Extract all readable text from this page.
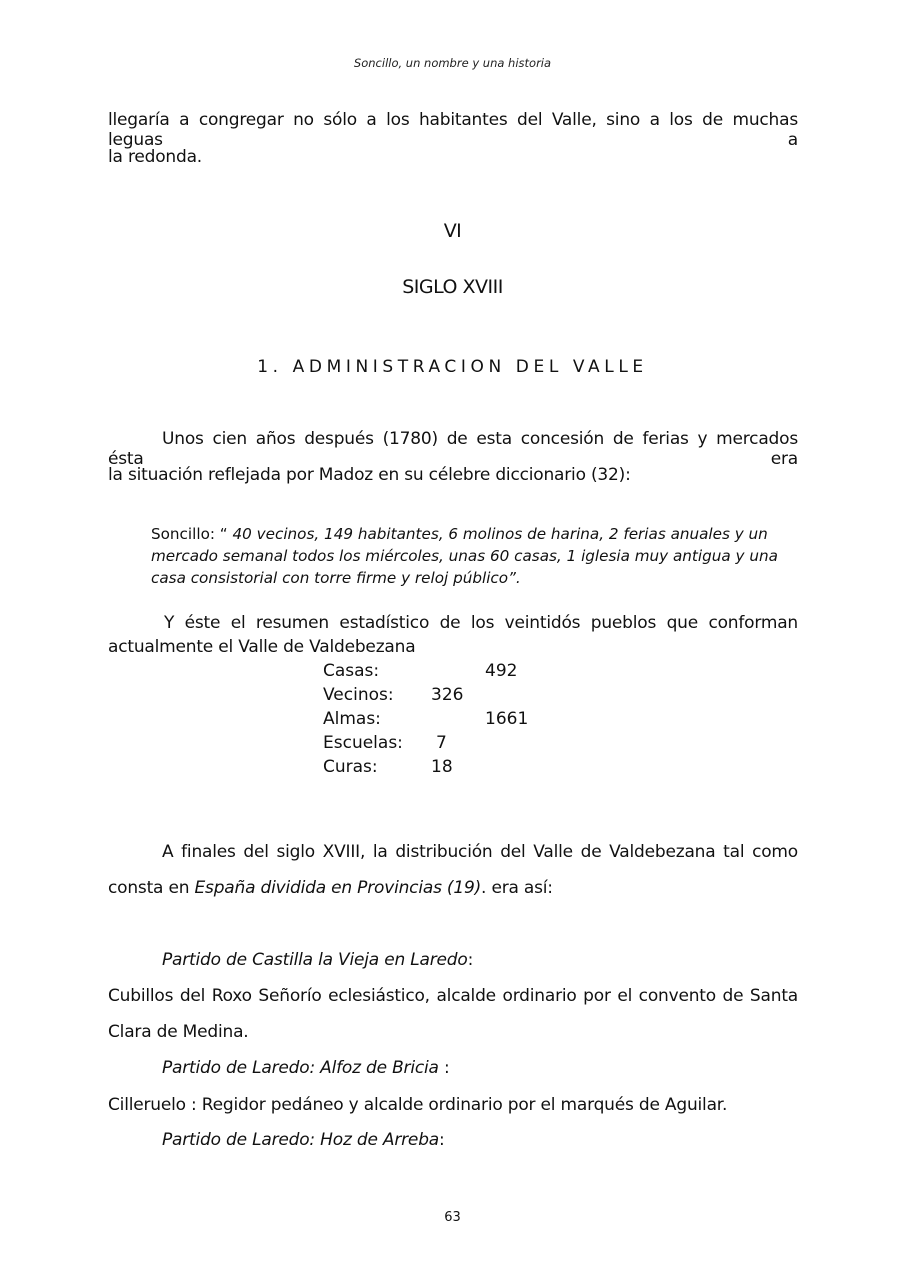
Soncillo, un nombre y una historia
llegaría a congregar no sólo a los habitantes del Valle, sino a los de muchas leguas a
la redonda.
VI
SIGLO XVIII
1. ADMINISTRACION DEL VALLE
Unos cien años después (1780) de esta concesión de ferias y mercados ésta era
la situación reflejada por Madoz en su célebre diccionario (32):
Soncillo: “ 40 vecinos, 149 habitantes, 6 molinos de harina, 2 ferias anuales y un
mercado semanal todos los miércoles, unas 60 casas, 1 iglesia muy antigua y una
casa consistorial con torre firme y reloj público”.
Y éste el resumen estadístico de los veintidós pueblos que conforman
actualmente el Valle de Valdebezana
Casas:	492
Vecinos: 326
Almas:	1661
Escuelas: 7
Curas:	18
A finales del siglo XVIII, la distribución del Valle de Valdebezana tal como
consta en España dividida en Provincias (19). era así:
Partido de Castilla la Vieja en Laredo:
Cubillos del Roxo Señorío eclesiástico, alcalde ordinario por el convento de Santa
Clara de Medina.
Partido de Laredo: Alfoz de Bricia :
Cilleruelo : Regidor pedáneo y alcalde ordinario por el marqués de Aguilar.
Partido de Laredo: Hoz de Arreba:
63
